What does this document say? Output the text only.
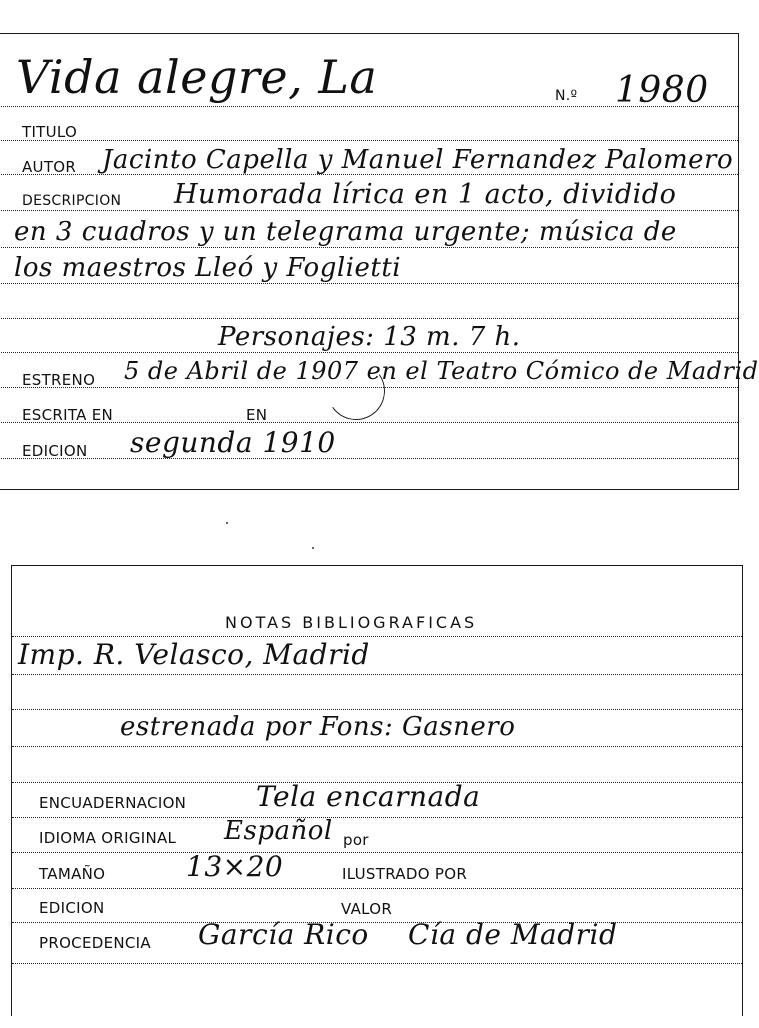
Vida alegre, La	N.º 1980
TITULO
AUTOR Jacinto Capella y Manuel Fernandez Palomero
DESCRIPCION Humorada lírica en 1 acto, dividido
en 3 cuadros y un telegrama urgente; música de
los maestros Lleó y Foglietti
Personajes: 13 m. 7 h.
ESTRENO 5 de Abril de 1907 en el Teatro Cómico de Madrid
ESCRITA EN	EN
EDICION segunda 1910
NOTAS BIBLIOGRAFICAS
Imp. R. Velasco, Madrid
estrenada por Fons: Gasnero
ENCUADERNACION Tela encarnada
IDIOMA ORIGINAL Español por
TAMAÑO	13×20	ILUSTRADO POR
EDICION	VALOR
PROCEDENCIA García Rico Cía de Madrid
